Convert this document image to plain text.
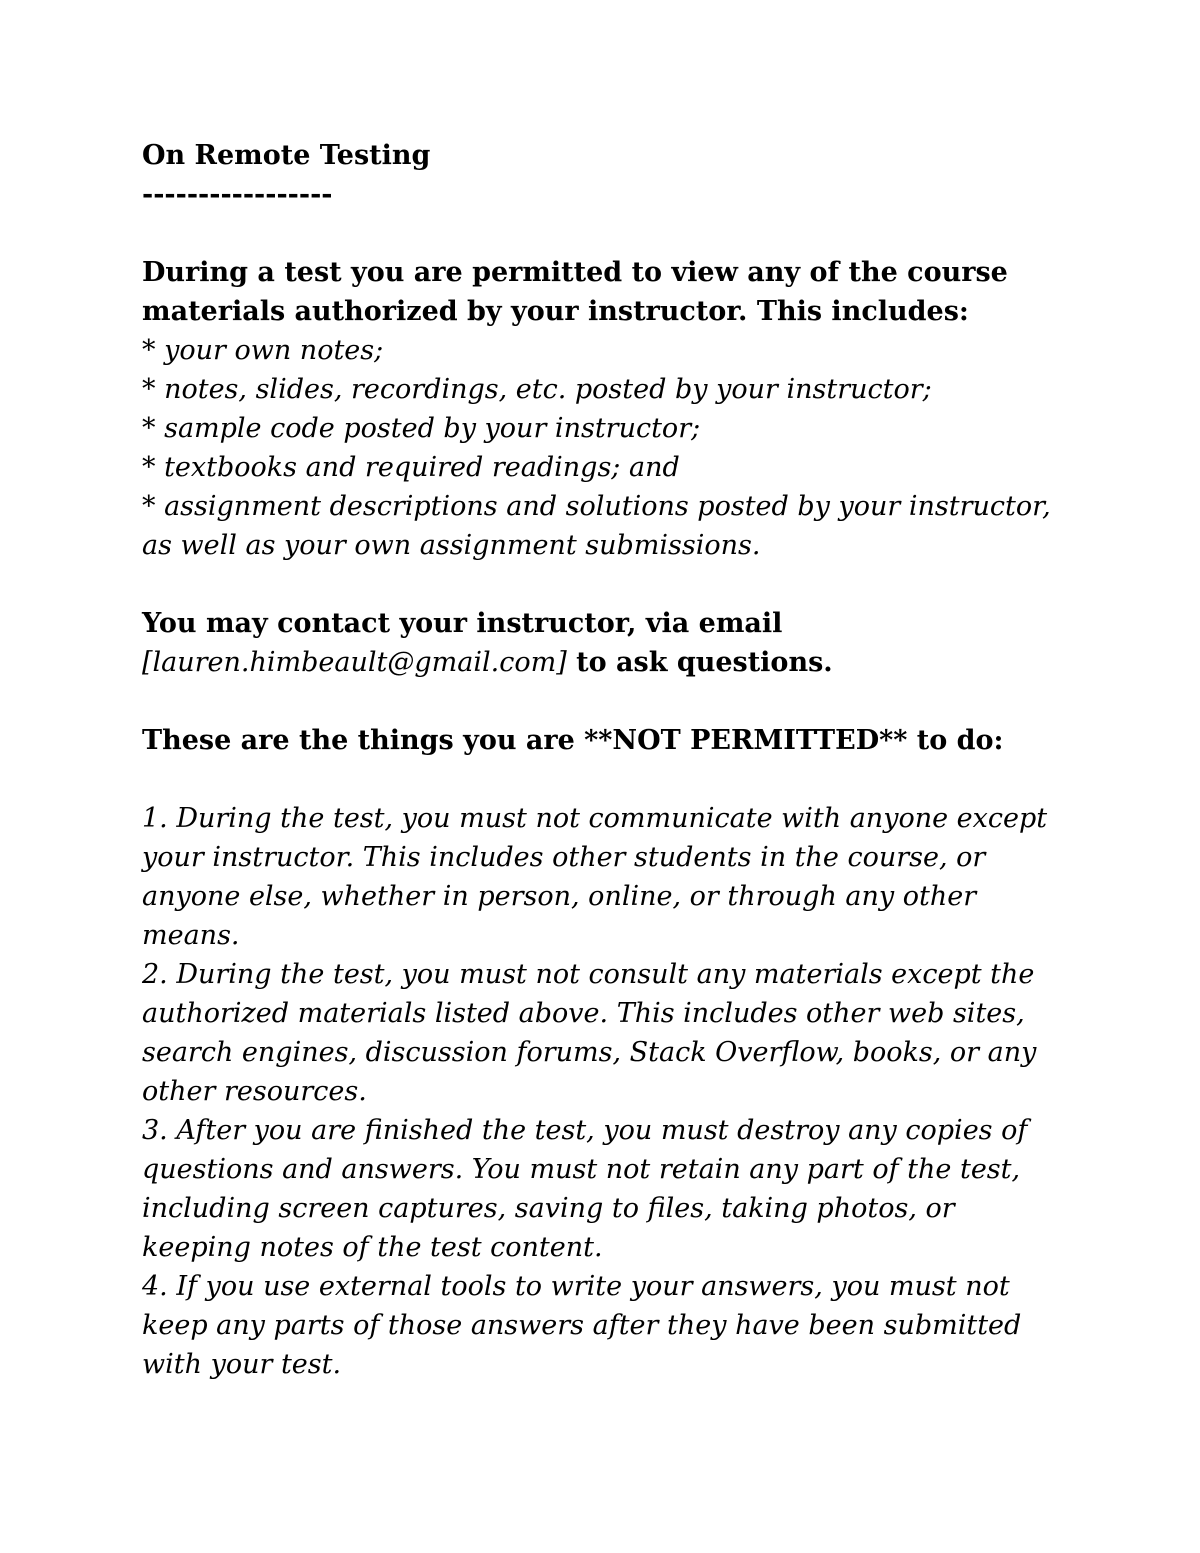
On Remote Testing
-----------------
During a test you are permitted to view any of the course
materials authorized by your instructor. This includes:
* your own notes;
* notes, slides, recordings, etc. posted by your instructor;
* sample code posted by your instructor;
* textbooks and required readings; and
* assignment descriptions and solutions posted by your instructor,
as well as your own assignment submissions.
You may contact your instructor, via email
[lauren.himbeault@gmail.com] to ask questions.
These are the things you are **NOT PERMITTED** to do:
1. During the test, you must not communicate with anyone except
your instructor. This includes other students in the course, or
anyone else, whether in person, online, or through any other
means.
2. During the test, you must not consult any materials except the
authorized materials listed above. This includes other web sites,
search engines, discussion forums, Stack Overflow, books, or any
other resources.
3. After you are finished the test, you must destroy any copies of
questions and answers. You must not retain any part of the test,
including screen captures, saving to files, taking photos, or
keeping notes of the test content.
4. If you use external tools to write your answers, you must not
keep any parts of those answers after they have been submitted
with your test.
